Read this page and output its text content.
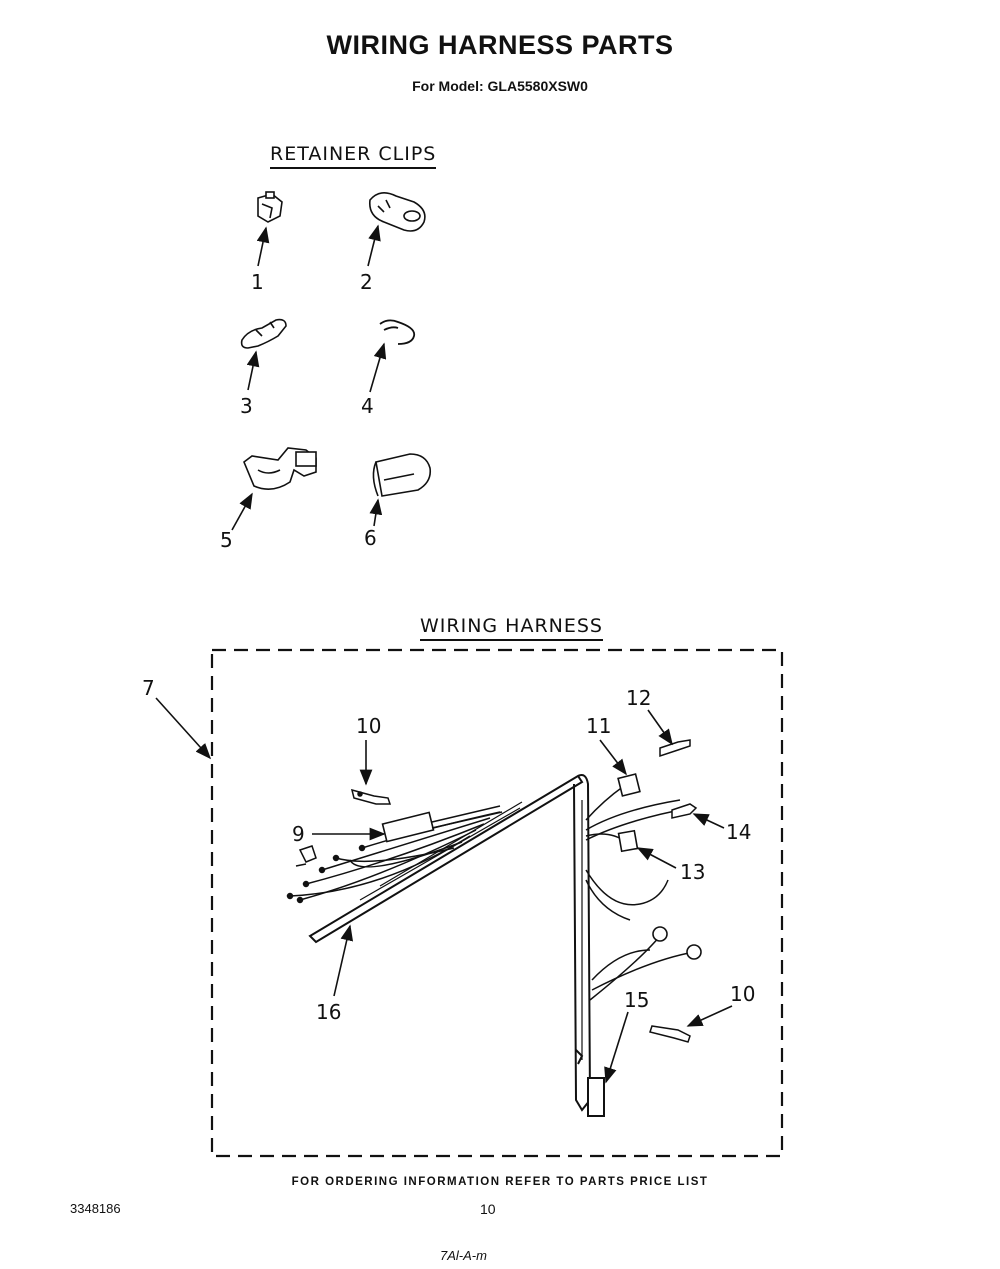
WIRING HARNESS PARTS
For Model: GLA5580XSW0
RETAINER CLIPS
WIRING HARNESS
1	2
3	4
5	6
7
10
9
11
12
14
13
16	15	10
FOR ORDERING INFORMATION REFER TO PARTS PRICE LIST
3348186	10
7Al-A-m
